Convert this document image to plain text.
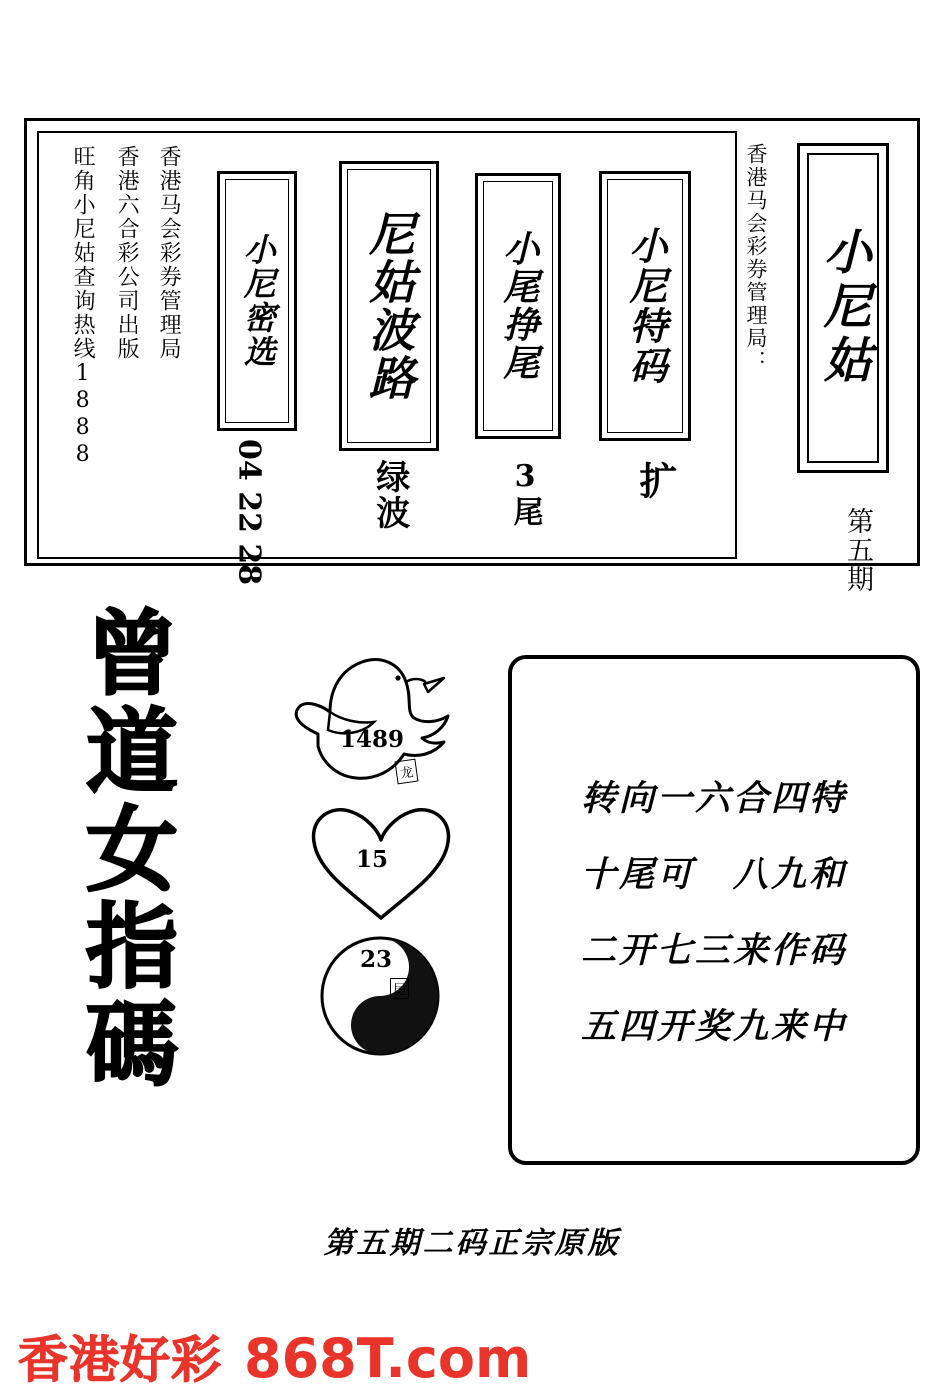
小尼姑
香港马会彩券管理局：
第五期
小尼特码
扩
小尾挣尾
3尾
尼姑波路
绿波
小尼密选
04 22 28
香港马会彩券管理局
香港六合彩公司出版
旺角小尼姑查询热线1888
曾
道
女
指
碼
1489
龙
15
23
尾
转向一六合四特
十尾可　八九和
二开七三来作码
五四开奖九来中
第五期二码正宗原版
香港好彩 868T.com
